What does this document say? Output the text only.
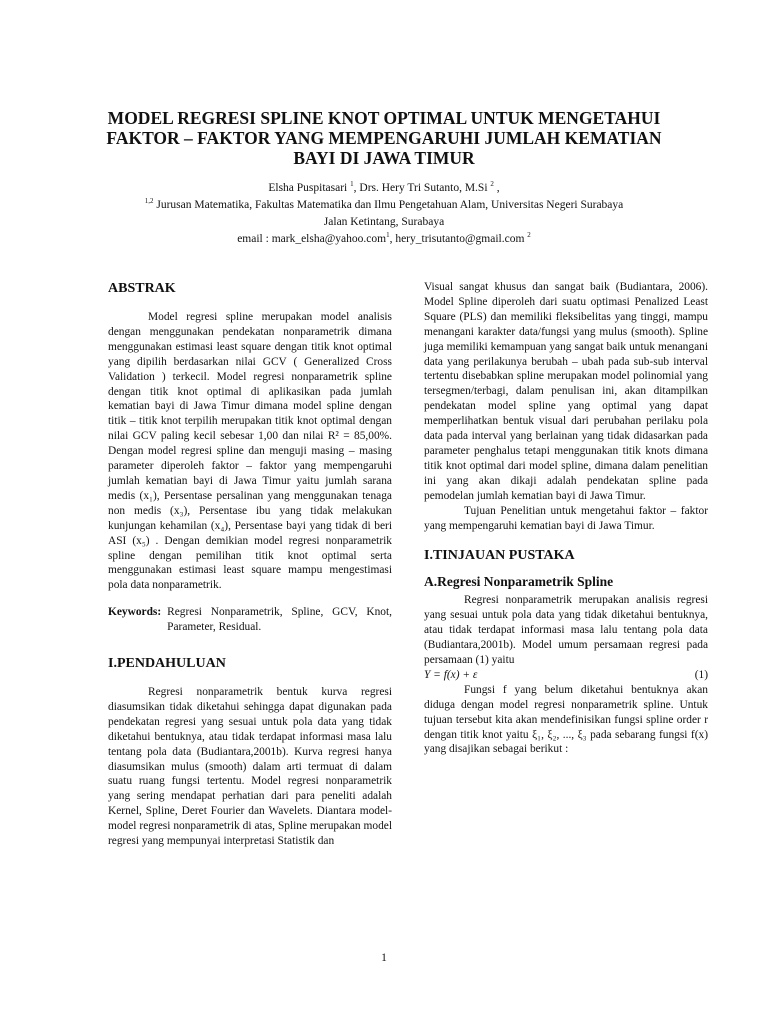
MODEL REGRESI SPLINE KNOT OPTIMAL UNTUK MENGETAHUI FAKTOR – FAKTOR YANG MEMPENGARUHI JUMLAH KEMATIAN BAYI DI JAWA TIMUR
Elsha Puspitasari $^1$, Drs. Hery Tri Sutanto, M.Si $^2$ ,
$^{1,2}$ Jurusan Matematika, Fakultas Matematika dan Ilmu Pengetahuan Alam, Universitas Negeri Surabaya
Jalan Ketintang, Surabaya
email : mark_elsha@yahoo.com$^1$, hery_trisutanto@gmail.com $^2$
ABSTRAK

Model regresi spline merupakan model analisis dengan menggunakan pendekatan nonparametrik dimana menggunakan estimasi least square dengan titik knot optimal yang dipilih berdasarkan nilai GCV ( Generalized Cross Validation ) terkecil. Model regresi nonparametrik spline dengan titik knot optimal di aplikasikan pada jumlah kematian bayi di Jawa Timur dimana model spline dengan titik – titik knot terpilih merupakan titik knot optimal dengan nilai GCV paling kecil sebesar 1,00 dan nilai R² = 85,00%. Dengan model regresi spline dan menguji masing – masing parameter diperoleh faktor – faktor yang mempengaruhi jumlah kematian bayi di Jawa Timur yaitu jumlah sarana medis (x₁), Persentase persalinan yang menggunakan tenaga non medis (x₃), Persentase ibu yang tidak melakukan kunjungan kehamilan (x₄), Persentase bayi yang tidak di beri ASI (x₅) . Dengan demikian model regresi nonparametrik spline dengan pemilihan titik knot optimal serta menggunakan estimasi least square mampu mengestimasi pola data nonparametrik.

Keywords: Regresi Nonparametrik, Spline, GCV, Knot, Parameter, Residual.
I.PENDAHULUAN

Regresi nonparametrik bentuk kurva regresi diasumsikan tidak diketahui sehingga dapat digunakan pada pendekatan regresi yang sesuai untuk pola data yang tidak diketahui bentuknya, atau tidak terdapat informasi masa lalu tentang pola data (Budiantara,2001b). Kurva regresi hanya diasumsikan mulus (smooth) dalam arti termuat di dalam suatu ruang fungsi tertentu. Model regresi nonparametrik yang sering mendapat perhatian dari para peneliti adalah Kernel, Spline, Deret Fourier dan Wavelets. Diantara model-model regresi nonparametrik di atas, Spline merupakan model regresi yang mempunyai interpretasi Statistik dan

Visual sangat khusus dan sangat baik (Budiantara, 2006). Model Spline diperoleh dari suatu optimasi Penalized Least Square (PLS) dan memiliki fleksibelitas yang tinggi, mampu menangani karakter data/fungsi yang mulus (smooth). Spline juga memiliki kemampuan yang sangat baik untuk menangani data yang perilakunya berubah – ubah pada sub-sub interval tertentu disebabkan spline merupakan model polinomial yang tersegmen/terbagi, dalam penulisan ini, akan ditampilkan pendekatan model spline yang optimal yang dapat memperlihatkan bentuk visual dari perubahan perilaku pola data pada interval yang berlainan yang tidak didasarkan pada parameter penghalus tetapi menggunakan titik knots dimana titik knot optimal dari model spline, dimana dalam penelitian ini yang akan dikaji adalah pendekatan spline pada pemodelan jumlah kematian bayi di Jawa Timur.

Tujuan Penelitian untuk mengetahui faktor – faktor yang mempengaruhi kematian bayi di Jawa Timur.

I.TINJAUAN PUSTAKA
A.Regresi Nonparametrik Spline

Regresi nonparametrik merupakan analisis regresi yang sesuai untuk pola data yang tidak diketahui bentuknya, atau tidak terdapat informasi masa lalu tentang pola data (Budiantara,2001b). Model umum persamaan regresi pada persamaan (1) yaitu

Y = f(x) + ε	(1)

Fungsi f yang belum diketahui bentuknya akan diduga dengan model regresi nonparametrik spline. Untuk tujuan tersebut kita akan mendefinisikan fungsi spline order r dengan titik knot yaitu ξ₁, ξ₂, ..., ξ₃ pada sebarang fungsi f(x) yang disajikan sebagai berikut :

1
